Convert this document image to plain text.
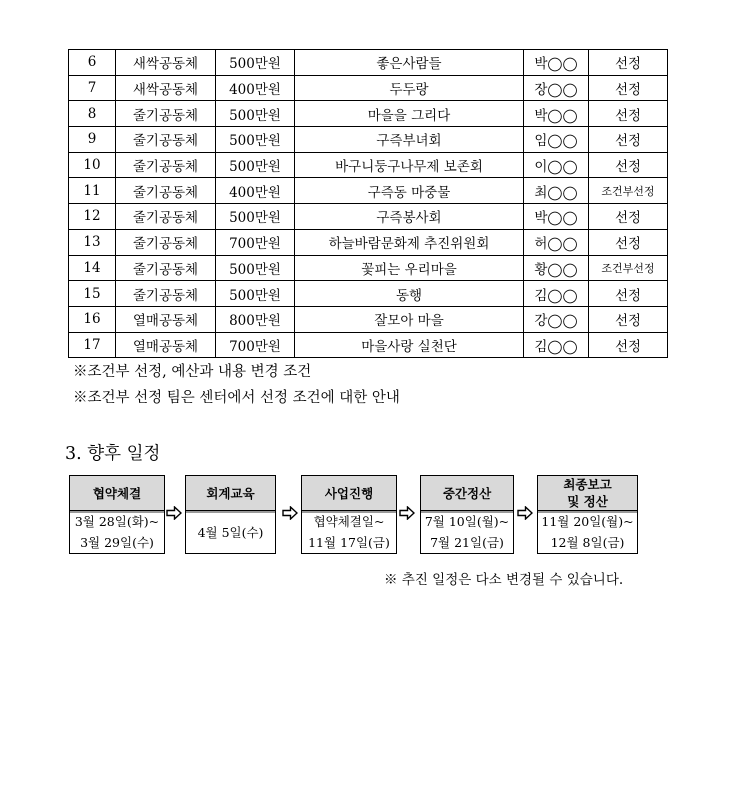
6	새싹공동체	500만원	좋은사람들	박◯◯	선정
7	새싹공동체	400만원	두두랑	장◯◯	선정
8	줄기공동체	500만원	마을을 그리다	박◯◯	선정
9	줄기공동체	500만원	구즉부녀회	임◯◯	선정
10	줄기공동체	500만원	바구니둥구나무제 보존회	이◯◯	선정
11	줄기공동체	400만원	구즉동 마중물	최◯◯	조건부선정
12	줄기공동체	500만원	구즉봉사회	박◯◯	선정
13	줄기공동체	700만원	하늘바람문화제 추진위원회	허◯◯	선정
14	줄기공동체	500만원	꽃피는 우리마을	황◯◯	조건부선정
15	줄기공동체	500만원	동행	김◯◯	선정
16	열매공동체	800만원	잘모아 마을	강◯◯	선정
17	열매공동체	700만원	마을사랑 실천단	김◯◯	선정
※조건부 선정, 예산과 내용 변경 조건
※조건부 선정 팀은 센터에서 선정 조건에 대한 안내
3. 향후 일정
협약체결
3월 28일(화)~
3월 29일(수)
회계교육
4월 5일(수)
사업진행
협약체결일~
11월 17일(금)
중간정산
7월 10일(월)~
7월 21일(금)
최종보고
및 정산
11월 20일(월)~
12월 8일(금)
※ 추진 일정은 다소 변경될 수 있습니다.
